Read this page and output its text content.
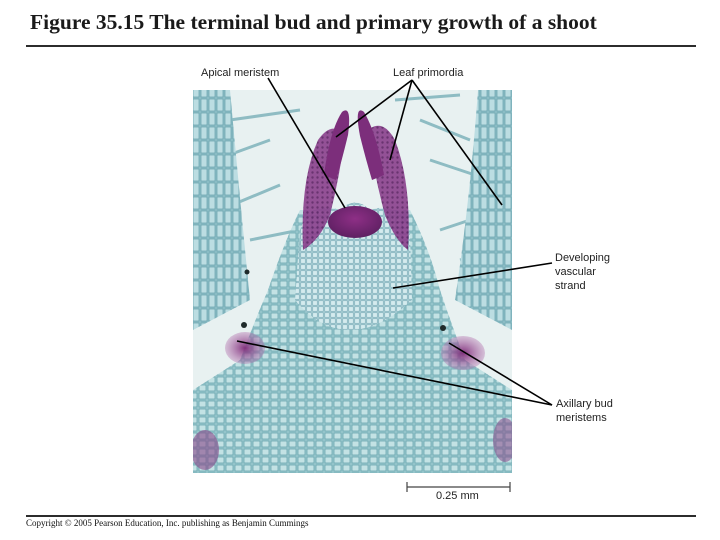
Figure 35.15 The terminal bud and primary growth of a shoot
Apical meristem	Leaf primordia
Developing
vascular
strand
Axillary bud
meristems
0.25 mm
Copyright © 2005 Pearson Education, Inc. publishing as Benjamin Cummings
